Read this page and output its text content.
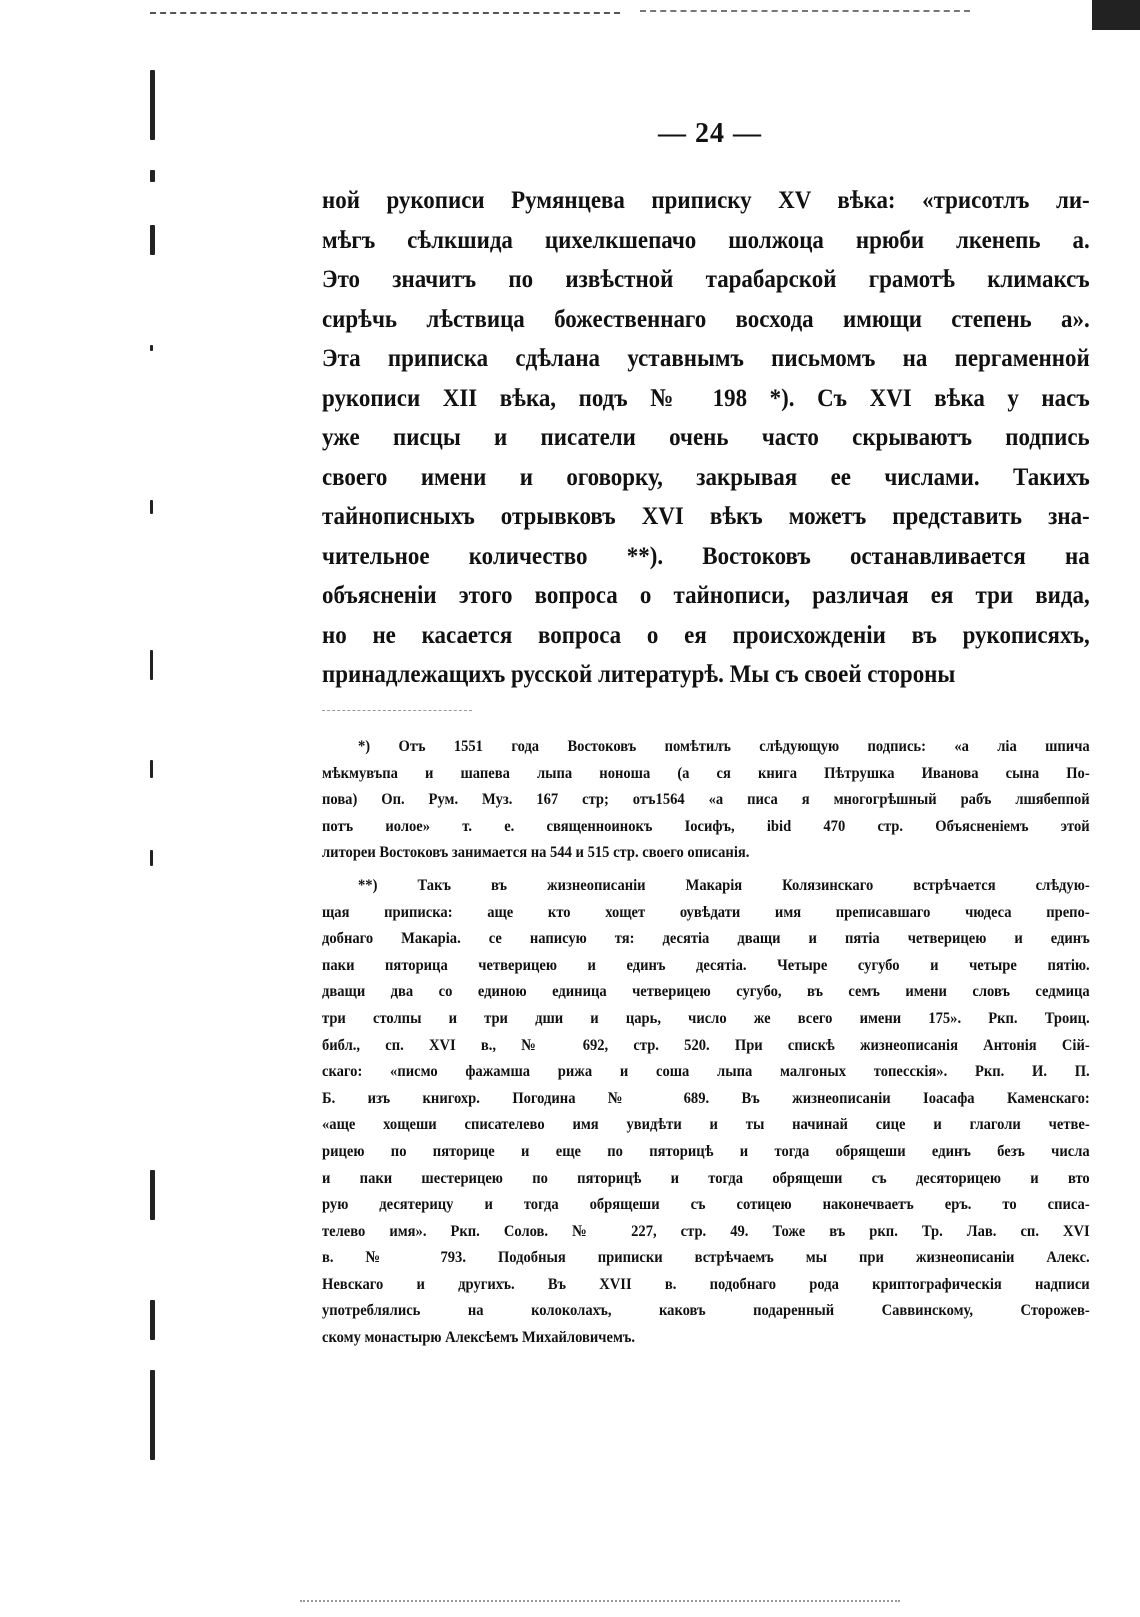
— 24 —
ной рукописи Румянцева приписку XV вѣка: «трисотлъ ли-
мѣгъ сѣлкшида цихелкшепачо шолжоца нрюби лкенепь а.
Это значитъ по извѣстной тарабарской грамотѣ климаксъ
сирѣчь лѣствица божественнаго восхода имющи степень а».
Эта приписка сдѣлана уставнымъ письмомъ на пергаменной
рукописи XII вѣка, подъ № 198 *). Съ XVI вѣка у насъ
уже писцы и писатели очень часто скрываютъ подпись
своего имени и оговорку, закрывая ее числами. Такихъ
тайнописныхъ отрывковъ XVI вѣкъ можетъ представить зна-
чительное количество **). Востоковъ останавливается на
объясненіи этого вопроса о тайнописи, различая ея три вида,
но не касается вопроса о ея происхожденіи въ рукописяхъ,
принадлежащихъ русской литературѣ. Мы съ своей стороны
*) Отъ 1551 года Востоковъ помѣтилъ слѣдующую подпись: «а ліа шпича
мѣкмувъпа и шапева лыпа ноноша (а ся книга Пѣтрушка Иванова сына По-
пова) Оп. Рум. Муз. 167 стр; отъ1564 «а писа я многогрѣшный рабъ лшябеппой
потъ иолое» т. е. священноинокъ Іосифъ, ibid 470 стр. Объясненіемъ этой
литореи Востоковъ занимается на 544 и 515 стр. своего описанія.
**) Такъ въ жизнеописаніи Макарія Колязинскаго встрѣчается слѣдую-
щая приписка: аще кто хощет оувѣдати имя преписавшаго чюдеса препо-
добнаго Макаріа. се написую тя: десятіа дващи и пятіа четверицею и единъ
паки пяторица четверицею и единъ десятіа. Четыре сугубо и четыре пятію.
дващи два со единою единица четверицею сугубо, въ семъ имени словъ седмица
три столпы и три дши и царь, число же всего имени 175». Ркп. Троиц.
библ., сп. XVI в., № 692, стр. 520. При спискѣ жизнеописанія Антонія Сій-
скаго: «писмо фажамша рижа и соша лыпа малгоных топесскія». Ркп. И. П.
Б. изъ книгохр. Погодина № 689. Въ жизнеописаніи Іоасафа Каменскаго:
«аще хощеши списателево имя увидѣти и ты начинай сице и глаголи четве-
рицею по пяторице и еще по пяторицѣ и тогда обрящеши единъ безъ числа
и паки шестерицею по пяторицѣ и тогда обрящеши съ десяторицею и вто
рую десятерицу и тогда обрящеши съ сотицею наконечваетъ еръ. то списа-
телево имя». Ркп. Солов. № 227, стр. 49. Тоже въ ркп. Тр. Лав. сп. XVI
в. № 793. Подобныя приписки встрѣчаемъ мы при жизнеописаніи Алекс.
Невскаго и другихъ. Въ XVII в. подобнаго рода криптографическія надписи
употреблялись на колоколахъ, каковъ подаренный Саввинскому, Сторожев-
скому монастырю Алексѣемъ Михайловичемъ.
